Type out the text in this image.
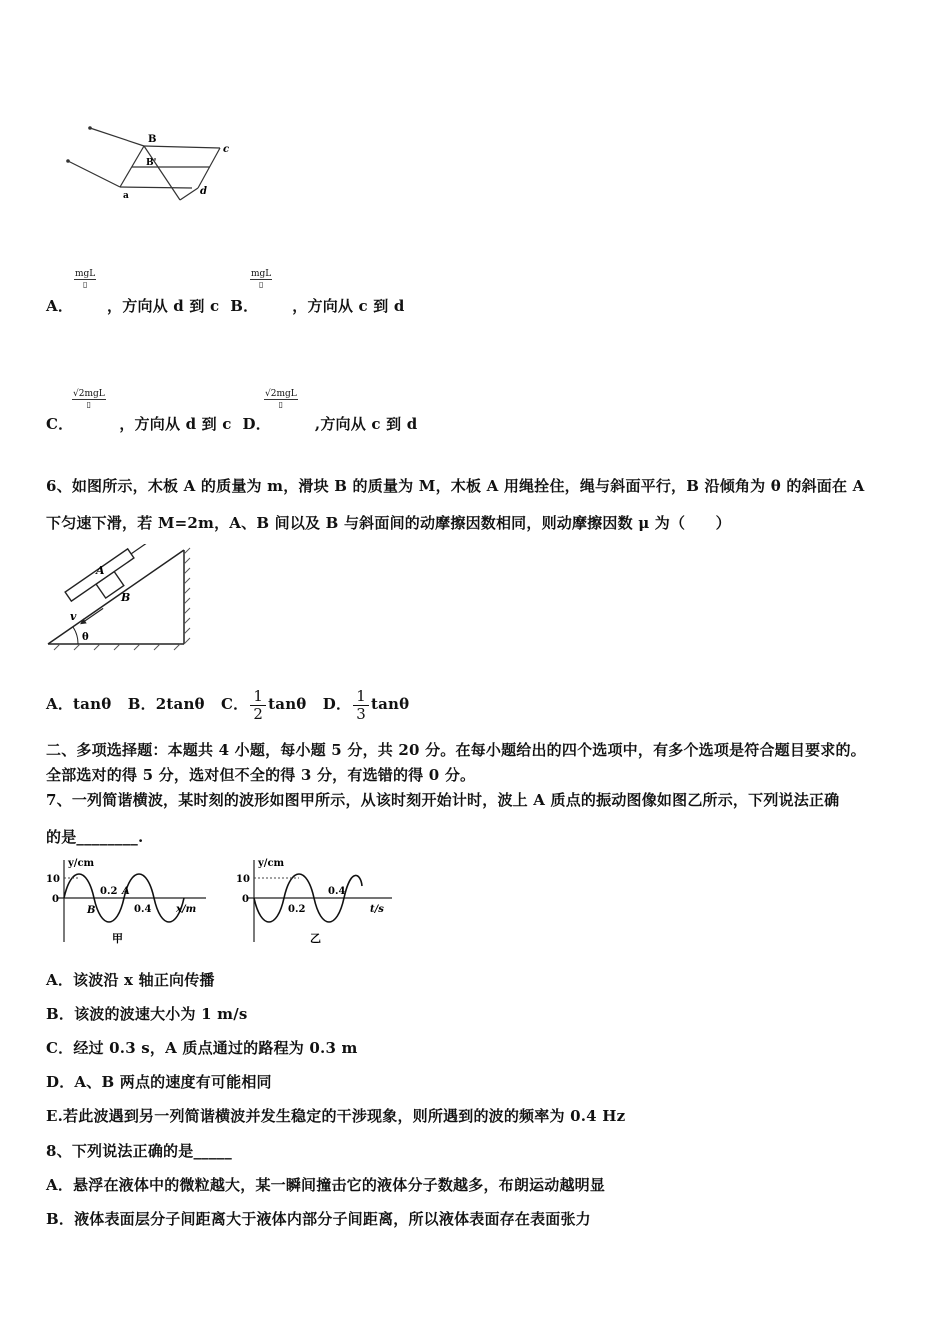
B
B'
c
d
a
A． ，方向从 d 到 c B． ，方向从 c 到 d
mgL
▯
mgL
▯
C．	，方向从 d 到 c D．	,方向从 c 到 d
√2mgL
▯
√2mgL
▯
6、如图所示，木板 A 的质量为 m，滑块 B 的质量为 M，木板 A 用绳拴住，绳与斜面平行，B 沿倾角为 θ 的斜面在 A
下匀速下滑，若 M=2m，A、B 间以及 B 与斜面间的动摩擦因数相同，则动摩擦因数 μ 为（　　）
A
B
v
θ
A．tanθ B．2tanθ C． $\frac{1}{2}$ tanθ D． $\frac{1}{3}$ tanθ
二、多项选择题：本题共 4 小题，每小题 5 分，共 20 分。在每小题给出的四个选项中，有多个选项是符合题目要求的。
全部选对的得 5 分，选对但不全的得 3 分，有选错的得 0 分。
7、一列简谐横波，某时刻的波形如图甲所示，从该时刻开始计时，波上 A 质点的振动图像如图乙所示，下列说法正确
的是________.
y/cm
10
0
0.2 A
B	0.4 x/m
甲
y/cm
10
0
0.2
0.4
t/s
乙
A．该波沿 x 轴正向传播
B．该波的波速大小为 1 m/s
C．经过 0.3 s，A 质点通过的路程为 0.3 m
D．A、B 两点的速度有可能相同
E.若此波遇到另一列简谐横波并发生稳定的干涉现象，则所遇到的波的频率为 0.4 Hz
8、下列说法正确的是_____
A．悬浮在液体中的微粒越大，某一瞬间撞击它的液体分子数越多，布朗运动越明显
B．液体表面层分子间距离大于液体内部分子间距离，所以液体表面存在表面张力
